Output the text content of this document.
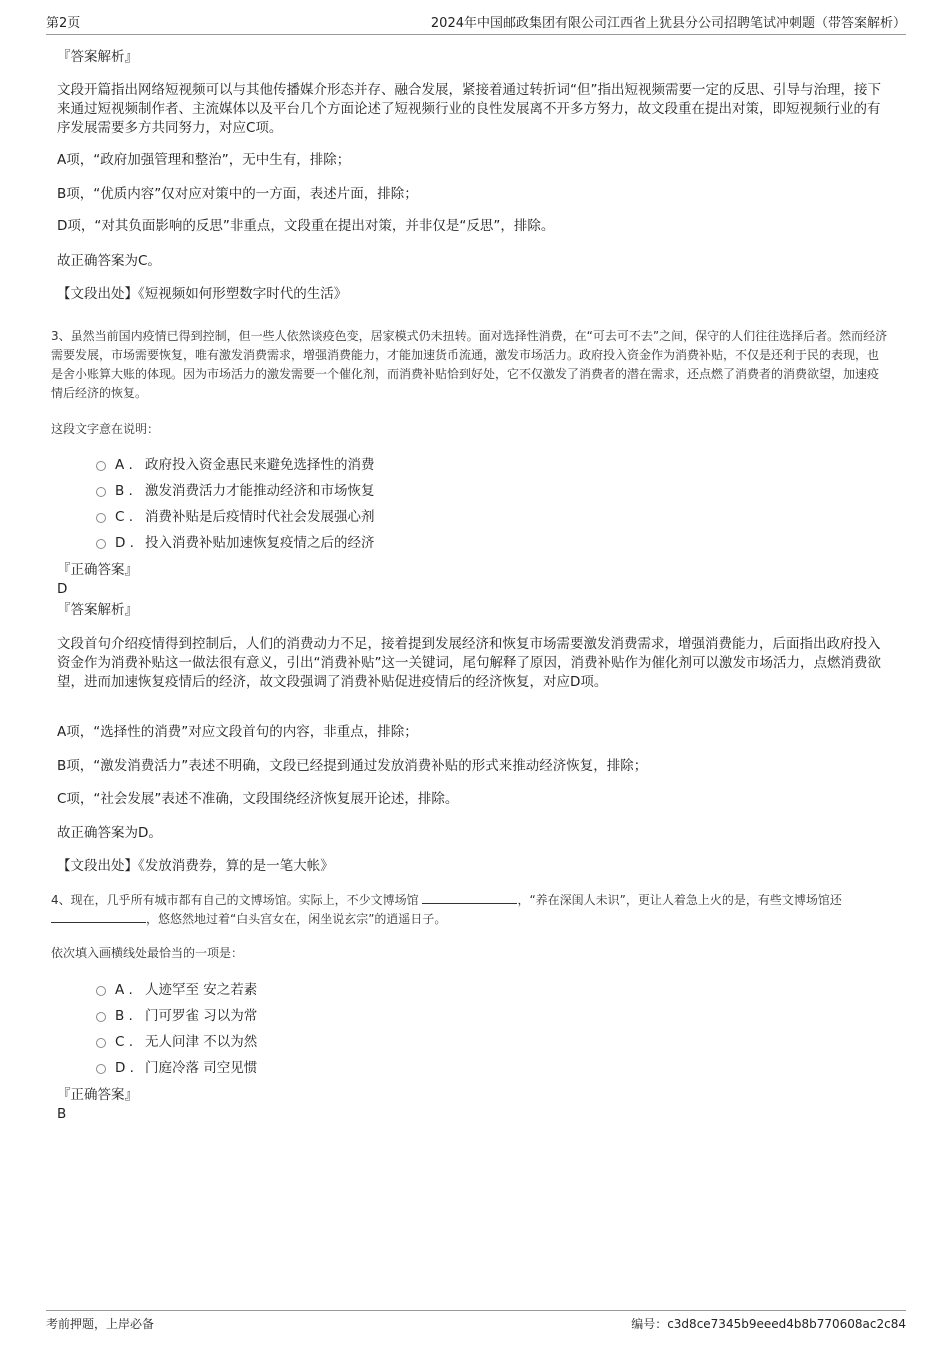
第2页	2024年中国邮政集团有限公司江西省上犹县分公司招聘笔试冲刺题（带答案解析）
『答案解析』
文段开篇指出网络短视频可以与其他传播媒介形态并存、融合发展，紧接着通过转折词“但”指出短视频需要一定的反思、引导与治理，接下来通过短视频制作者、主流媒体以及平台几个方面论述了短视频行业的良性发展离不开多方努力，故文段重在提出对策，即短视频行业的有序发展需要多方共同努力，对应C项。
A项，“政府加强管理和整治”，无中生有，排除；
B项，“优质内容”仅对应对策中的一方面，表述片面，排除；
D项，“对其负面影响的反思”非重点，文段重在提出对策，并非仅是“反思”，排除。
故正确答案为C。
【文段出处】《短视频如何形塑数字时代的生活》
3、虽然当前国内疫情已得到控制，但一些人依然谈疫色变，居家模式仍未扭转。面对选择性消费，在“可去可不去”之间，保守的人们往往选择后者。然而经济需要发展，市场需要恢复，唯有激发消费需求，增强消费能力，才能加速货币流通，激发市场活力。政府投入资金作为消费补贴，不仅是还利于民的表现，也是舍小账算大账的体现。因为市场活力的激发需要一个催化剂，而消费补贴恰到好处，它不仅激发了消费者的潜在需求，还点燃了消费者的消费欲望，加速疫情后经济的恢复。
这段文字意在说明：
A . 政府投入资金惠民来避免选择性的消费
B . 激发消费活力才能推动经济和市场恢复
C . 消费补贴是后疫情时代社会发展强心剂
D . 投入消费补贴加速恢复疫情之后的经济
『正确答案』
D
『答案解析』
文段首句介绍疫情得到控制后，人们的消费动力不足，接着提到发展经济和恢复市场需要激发消费需求，增强消费能力，后面指出政府投入资金作为消费补贴这一做法很有意义，引出“消费补贴”这一关键词，尾句解释了原因，消费补贴作为催化剂可以激发市场活力，点燃消费欲望，进而加速恢复疫情后的经济，故文段强调了消费补贴促进疫情后的经济恢复，对应D项。
A项，“选择性的消费”对应文段首句的内容，非重点，排除；
B项，“激发消费活力”表述不明确，文段已经提到通过发放消费补贴的形式来推动经济恢复，排除；
C项，“社会发展”表述不准确，文段围绕经济恢复展开论述，排除。
故正确答案为D。
【文段出处】《发放消费券，算的是一笔大帐》
4、现在，几乎所有城市都有自己的文博场馆。实际上，不少文博场馆	，“养在深闺人未识”，更让人着急上火的是，有些文博场馆还 ，悠悠然地过着“白头宫女在，闲坐说玄宗”的逍遥日子。
依次填入画横线处最恰当的一项是：
A . 人迹罕至 安之若素
B . 门可罗雀 习以为常
C . 无人问津 不以为然
D . 门庭冷落 司空见惯
『正确答案』
B
考前押题，上岸必备	编号：c3d8ce7345b9eeed4b8b770608ac2c84
